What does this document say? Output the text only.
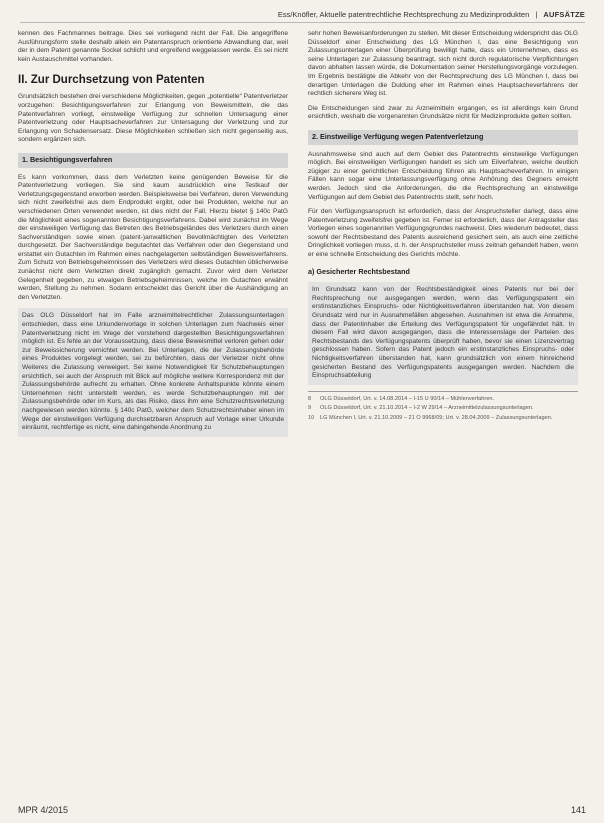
Ess/Knöfler, Aktuelle patentrechtliche Rechtsprechung zu Medizinprodukten | AUFSÄTZE

kennen des Fachmannes beitrage. Dies sei vorliegend nicht der Fall. Die angegriffene Ausführungsform stelle deshalb allein ein Patentanspruch orientierte Abwandlung dar, weil der in dem Patent genannte Sockel schlicht und ergreifend weggelassen werde. Es sei nicht kein Austauschmittel vorhanden.

II. Zur Durchsetzung von Patenten

Grundsätzlich bestehen drei verschiedene Möglichkeiten, gegen „potentielle“ Patentverletzer vorzugehen: Besichtigungsverfahren zur Erlangung von Beweismitteln, die das Patentverfahren vorliegt, einstweilige Verfügung zur schnellen Untersagung einer Patentverletzung oder Hauptsacheverfahren zur Untersagung der Verletzung und zur Erlangung von Schadensersatz. Diese Möglichkeiten schließen sich nicht gegenseitig aus, sondern ergänzen sich.

1. Besichtigungsverfahren

Es kann vorkommen, dass dem Verletzten keine genügenden Beweise für die Patentverletzung vorliegen. Sie sind kaum ausdrücklich eine Testkauf der Verletzungsgegenstand erworben werden. Beispielsweise bei Verfahren, deren Verwendung sich nicht zweifelsfrei aus dem Endprodukt ergibt, oder bei Produkten, welche nur an verschiedenen Orten verwendet werden, ist dies nicht der Fall. Hierzu bietet § 140c PatG die Möglichkeit eines sogenannten Besichtigungsverfahrens. Dabei wird zunächst im Wege der einstweiligen Verfügung das Betreten des Betriebsgeländes des Verletzers durch einen Sachverständigen sowie einen (patent-)anwaltlichen Bevollmächtigten des Verletzten durchgesetzt. Der Sachverständige begutachtet das Verfahren oder den Gegenstand und erstattet ein Gutachten im Rahmen eines nachgelagerten selbständigen Beweisverfahrens. Zum Schutz von Betriebsgeheimnissen des Verletzers wird dieses Gutachten üblicherweise zunächst nicht dem Verletzten direkt zugänglich gemacht. Zuvor wird dem Verletzer Gelegenheit gegeben, zu etwaigen Betriebsgeheimnissen, welche im Gutachten erwähnt werden, Stellung zu nehmen. Sodann entscheidet das Gericht über die Aushändigung an den Verletzten.

Das OLG Düsseldorf hat im Falle arzneimittelrechtlicher Zulassungsunterlagen entschieden, dass eine Urkundenvorlage in solchen Unterlagen zum Nachweis einer Patentverletzung nicht im Wege der vorstehend dargestellten Besichtigungsverfahren möglich ist. Es fehle an der Voraussetzung, dass diese Beweismittel verloren gehen oder zur Beweissicherung vernichtet werden. Bei Unterlagen, die der Zulassungsbehörde eines Produktes vorgelegt werden, sei zu befürchten, dass der Verletzer nicht ohne Weiteres die Zulassung verweigert. Sei keine Notwendigkeit für Schutzbehauptungen ersichtlich, sei auch der Anspruch mit Blick auf mögliche weitere Korrespondenz mit der Zulassungsbehörde aufrecht zu erhalten. Ohne konkrete Anhaltspunkte könnte einem Unternehmen nicht unterstellt werden, es werde Schutzbehauptungen mit der Zulassungsbehörde oder im Kurs, als das Risiko, dass ihm eine Schutzrechtsverletzung nachgewiesen werden könnte. § 140c PatG, welcher dem Schutzrechtsinhaber einen im Wege der einstweiligen Verfügung durchsetzbaren Anspruch auf Vorlage einer Urkunde einräumt, rechtfertige es nicht, eine dahingehende Anordnung zu

sehr hohen Beweisanforderungen zu stellen. Mit dieser Entscheidung widerspricht das OLG Düsseldorf einer Entscheidung des LG München I, das eine Besichtigung von Zulassungsunterlagen einer Überprüfung bewilligt hatte, dass ein Unternehmen, dass es seine Unterlagen zur Zulassung beantragt, sich nicht durch regulatorische Verpflichtungen davon abhalten lassen würde, die Dokumentation seiner Herstellungsvorgänge vorzulegen. Im Ergebnis bestätigte die Abkehr von der Rechtsprechung des LG München I, dass bei derartigen Unterlagen die Duldung eher im Rahmen eines Hauptsacheverfahrens der rechtlich sicherere Weg ist.

Die Entscheidungen sind zwar zu Arzneimitteln ergangen, es ist allerdings kein Grund ersichtlich, weshalb die vorgenannten Grundsätze nicht für Medizinprodukte gelten sollten.

2. Einstweilige Verfügung wegen Patentverletzung

Ausnahmsweise sind auch auf dem Gebiet des Patentrechts einstweilige Verfügungen möglich. Bei einstweiligen Verfügungen handelt es sich um Eilverfahren, welche deutlich zügiger zu einer gerichtlichen Entscheidung führen als Hauptsacheverfahren. In einigen Fällen kann sogar eine Unterlassungsverfügung ohne Anhörung des Gegners erreicht werden. Jedoch sind die Anforderungen, die die Rechtsprechung an einstweilige Verfügungen auf dem Gebiet des Patentrechts stellt, sehr hoch.

Für den Verfügungsanspruch ist erforderlich, dass der Anspruchsteller darlegt, dass eine Patentverletzung zweifelsfrei gegeben ist. Ferner ist erforderlich, dass der Antragsteller das Vorliegen eines sogenannten Verfügungsgrundes nachweist. Dies wiederum bedeutet, dass sowohl der Rechtsbestand des Patents ausreichend gesichert sein, als auch eine zeitliche Dringlichkeit vorliegen muss, d. h. der Anspruchsteller muss zeitnah gehandelt haben, wenn er eine schnelle Entscheidung des Gerichts möchte.

a) Gesicherter Rechtsbestand

Im Grundsatz kann von der Rechtsbeständigkeit eines Patents nur bei der Rechtsprechung nur ausgegangen werden, wenn das Verfügungspatent ein erstinstanzliches Einspruchs- oder Nichtigkeitsverfahren überstanden hat. Von diesem Grundsatz wird nur in Ausnahmefällen abgesehen. Ausnahmen ist etwa die Annahme, dass der Patentinhaber die Erteilung des Verfügungspatent für ungefährdet hält. In diesem Fall wird davon ausgegangen, dass die Interessenslage der Parteien des Rechtsbestands des Verfügungspatents überprüft haben, bevor sie einen Lizenzvertrag geschlossen haben. Sofern das Patent jedoch ein erstinstanzliches Einspruchs- oder Nichtigkeitsverfahren überstanden hat, kann grundsätzlich von einem hinreichend gesicherten Bestand des Verfügungspatents ausgegangen werden. Nachdem die Einspruchsabteilung

8 OLG Düsseldorf, Urt. v. 14.08.2014 – I-15 U 90/14 – Mühlenverfahren.
9 OLG Düsseldorf, Urt. v. 21.10.2014 – I-2 W 29/14 – Arzneimittelzulassungsunterlagen.
10 LG München I, Urt. v. 21.10.2009 – 21 O 9968/09; Urt. v. 28.04.2009 – Zulassungsunterlagen.
MPR 4/2015	141
